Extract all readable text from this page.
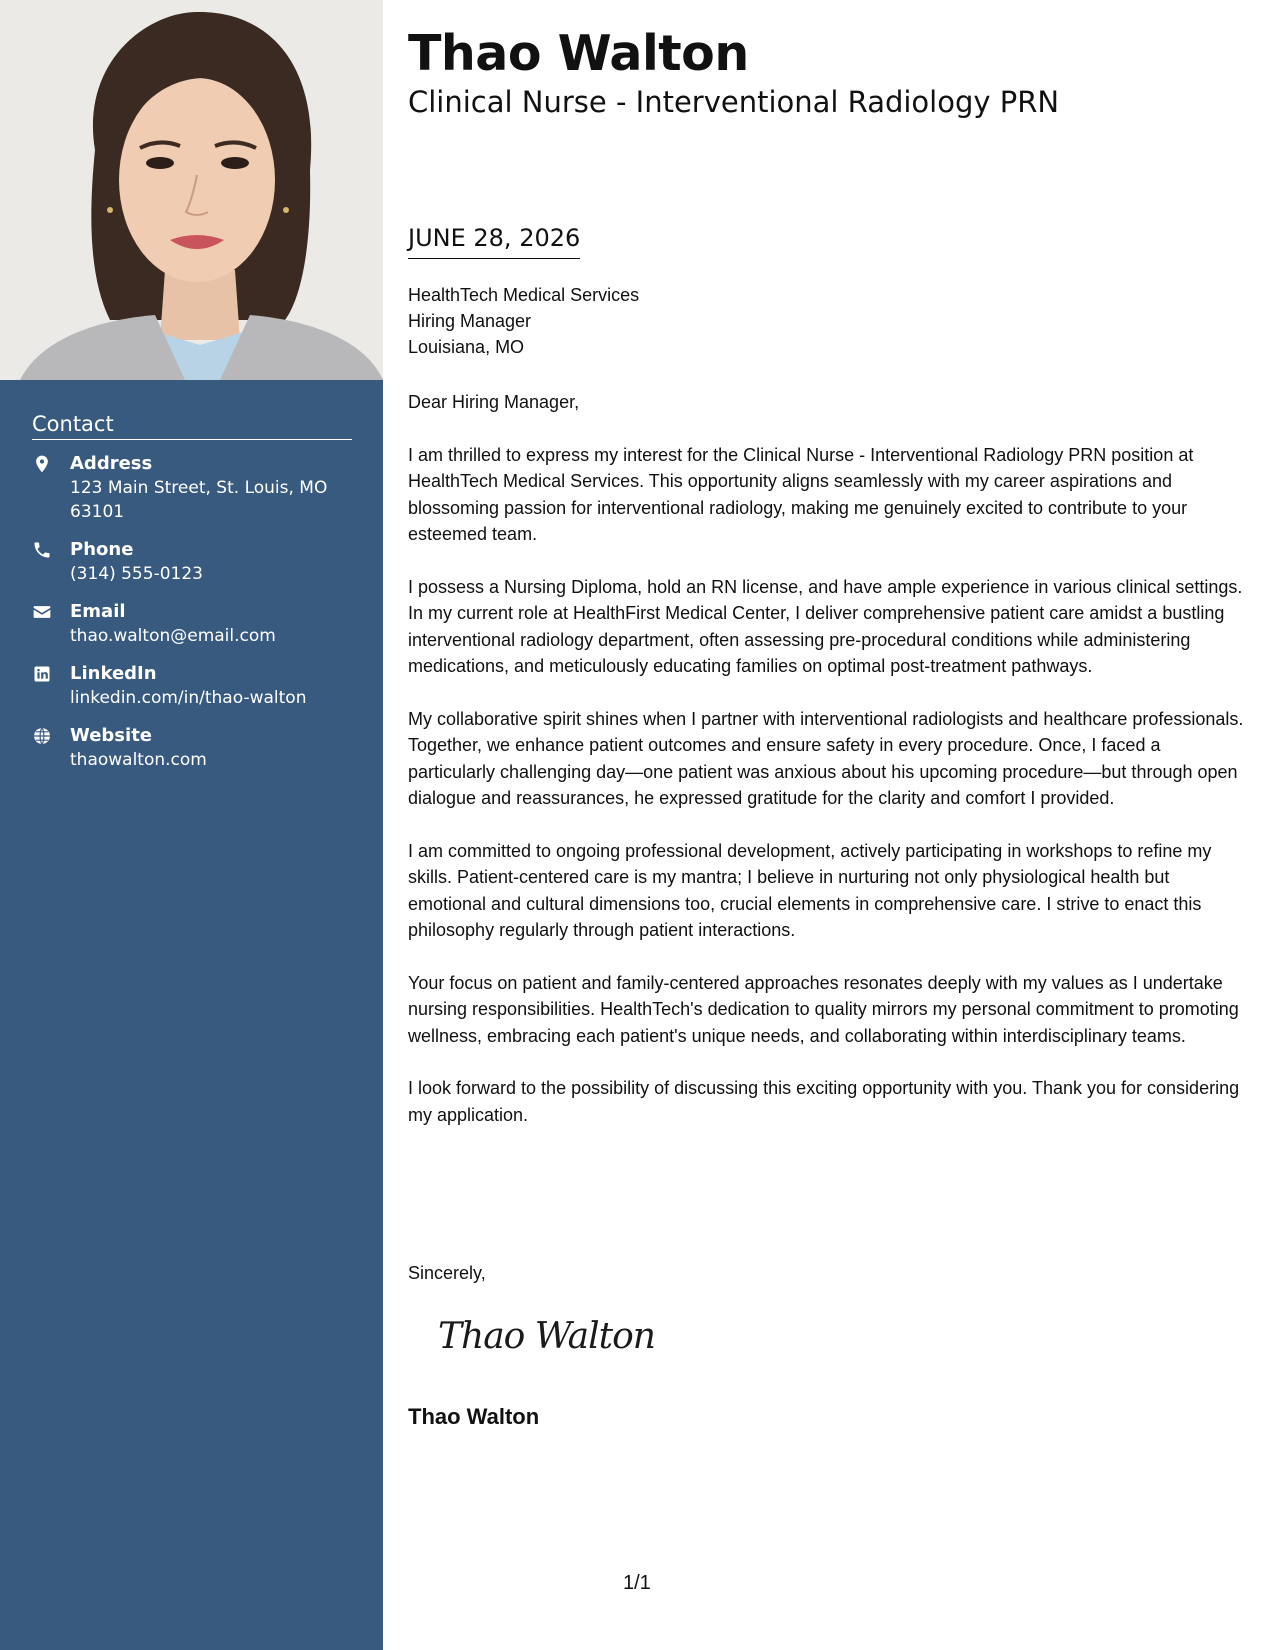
Contact
Address
123 Main Street, St. Louis, MO 63101
Phone
(314) 555-0123
Email
thao.walton@email.com
LinkedIn
linkedin.com/in/thao-walton
Website
thaowalton.com
Thao Walton
Clinical Nurse - Interventional Radiology PRN
JUNE 28, 2026
HealthTech Medical Services
Hiring Manager
Louisiana, MO

Dear Hiring Manager,

I am thrilled to express my interest for the Clinical Nurse - Interventional Radiology PRN position at HealthTech Medical Services. This opportunity aligns seamlessly with my career aspirations and blossoming passion for interventional radiology, making me genuinely excited to contribute to your esteemed team.

I possess a Nursing Diploma, hold an RN license, and have ample experience in various clinical settings. In my current role at HealthFirst Medical Center, I deliver comprehensive patient care amidst a bustling interventional radiology department, often assessing pre-procedural conditions while administering medications, and meticulously educating families on optimal post-treatment pathways.

My collaborative spirit shines when I partner with interventional radiologists and healthcare professionals. Together, we enhance patient outcomes and ensure safety in every procedure. Once, I faced a particularly challenging day—one patient was anxious about his upcoming procedure—but through open dialogue and reassurances, he expressed gratitude for the clarity and comfort I provided.

I am committed to ongoing professional development, actively participating in workshops to refine my skills. Patient-centered care is my mantra; I believe in nurturing not only physiological health but emotional and cultural dimensions too, crucial elements in comprehensive care. I strive to enact this philosophy regularly through patient interactions.

Your focus on patient and family-centered approaches resonates deeply with my values as I undertake nursing responsibilities. HealthTech's dedication to quality mirrors my personal commitment to promoting wellness, embracing each patient's unique needs, and collaborating within interdisciplinary teams.

I look forward to the possibility of discussing this exciting opportunity with you. Thank you for considering my application.

Sincerely,
Thao Walton
Thao Walton
1/1
